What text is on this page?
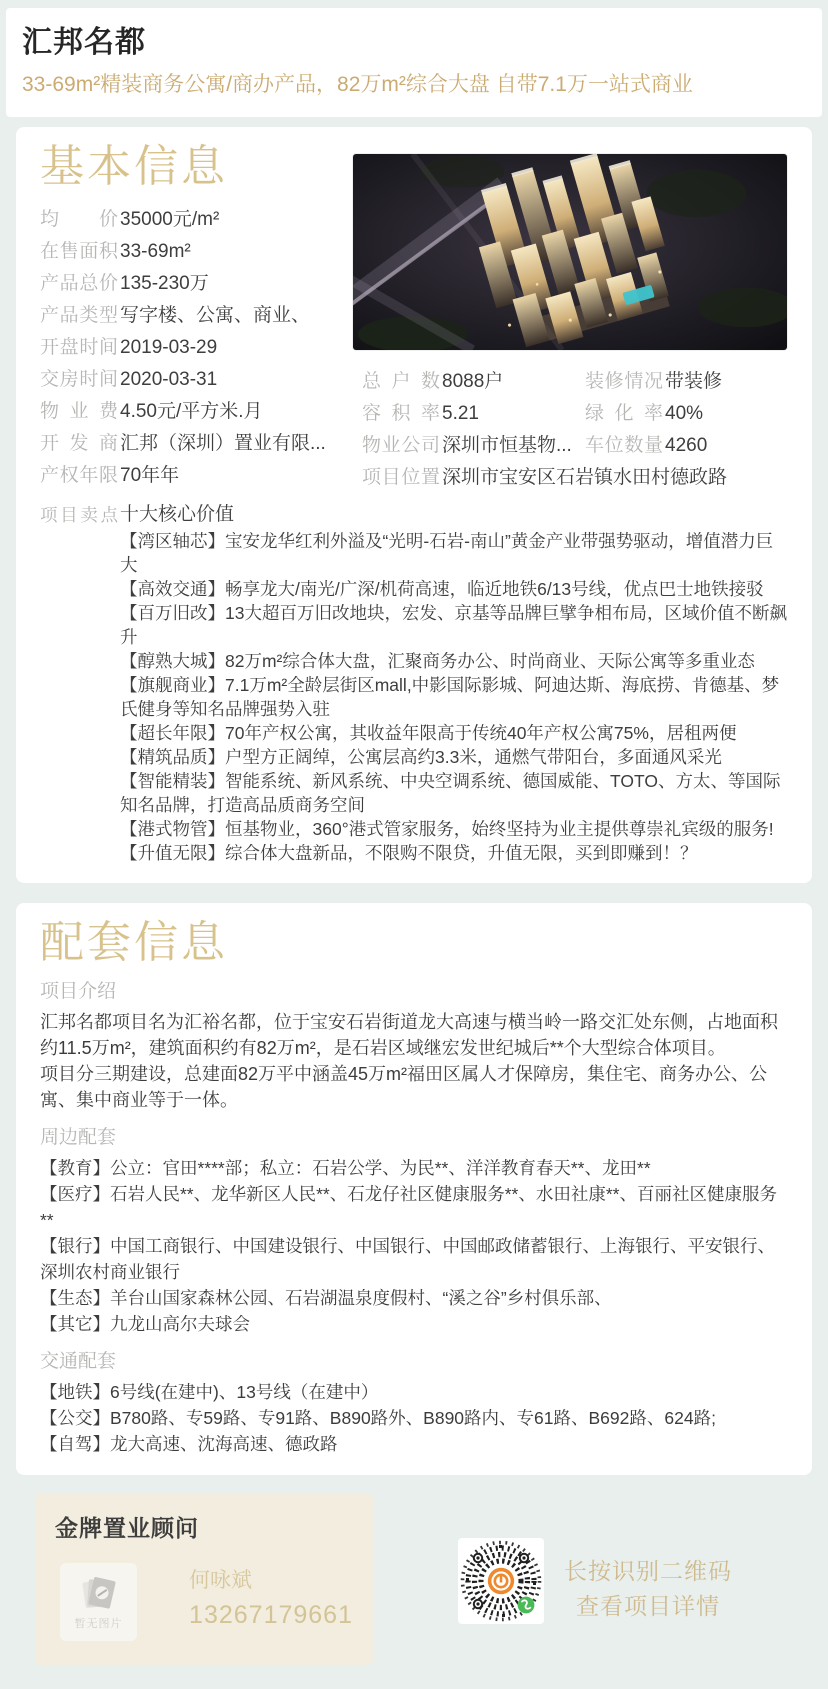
汇邦名都
33-69m²精装商务公寓/商办产品，82万m²综合大盘 自带7.1万一站式商业
基本信息
均价 35000元/m²
在售面积 33-69m²
产品总价 135-230万
产品类型 写字楼、公寓、商业、
开盘时间 2019-03-29
交房时间 2020-03-31
物业费 4.50元/平方米.月
开发商 汇邦（深圳）置业有限...
产权年限 70年年
总户数 8088户	装修情况 带装修
容积率 5.21	绿化率 40%
物业公司 深圳市恒基物... 车位数量 4260
项目位置 深圳市宝安区石岩镇水田村德政路
项目卖点 十大核心价值
【湾区轴芯】宝安龙华红利外溢及“光明-石岩-南山”黄金产业带强势驱动，增值潜力巨大
【高效交通】畅享龙大/南光/广深/机荷高速，临近地铁6/13号线，优点巴士地铁接驳
【百万旧改】13大超百万旧改地块，宏发、京基等品牌巨擘争相布局，区域价值不断飙升
【醇熟大城】82万m²综合体大盘，汇聚商务办公、时尚商业、天际公寓等多重业态
【旗舰商业】7.1万m²全龄层街区mall,中影国际影城、阿迪达斯、海底捞、肯德基、梦氏健身等知名品牌强势入驻
【超长年限】70年产权公寓，其收益年限高于传统40年产权公寓75%，居租两便
【精筑品质】户型方正阔绰，公寓层高约3.3米，通燃气带阳台，多面通风采光
【智能精装】智能系统、新风系统、中央空调系统、德国威能、TOTO、方太、等国际知名品牌，打造高品质商务空间
【港式物管】恒基物业，360°港式管家服务，始终坚持为业主提供尊崇礼宾级的服务!
【升值无限】综合体大盘新品，不限购不限贷，升值无限，买到即赚到！？
配套信息
项目介绍
汇邦名都项目名为汇裕名都，位于宝安石岩街道龙大高速与横当岭一路交汇处东侧，占地面积约11.5万m²，建筑面积约有82万m²，是石岩区域继宏发世纪城后**个大型综合体项目。
项目分三期建设，总建面82万平中涵盖45万m²福田区属人才保障房，集住宅、商务办公、公寓、集中商业等于一体。
周边配套
【教育】公立：官田****部；私立：石岩公学、为民**、洋洋教育春天**、龙田**
【医疗】石岩人民**、龙华新区人民**、石龙仔社区健康服务**、水田社康**、百丽社区健康服务**
【银行】中国工商银行、中国建设银行、中国银行、中国邮政储蓄银行、上海银行、平安银行、深圳农村商业银行
【生态】羊台山国家森林公园、石岩湖温泉度假村、“溪之谷”乡村俱乐部、
【其它】九龙山高尔夫球会
交通配套
【地铁】6号线(在建中)、13号线（在建中）
【公交】B780路、专59路、专91路、B890路外、B890路内、专61路、B692路、624路;
【自驾】龙大高速、沈海高速、德政路
金牌置业顾问
暂无图片
何咏斌
13267179661
长按识别二维码
查看项目详情
